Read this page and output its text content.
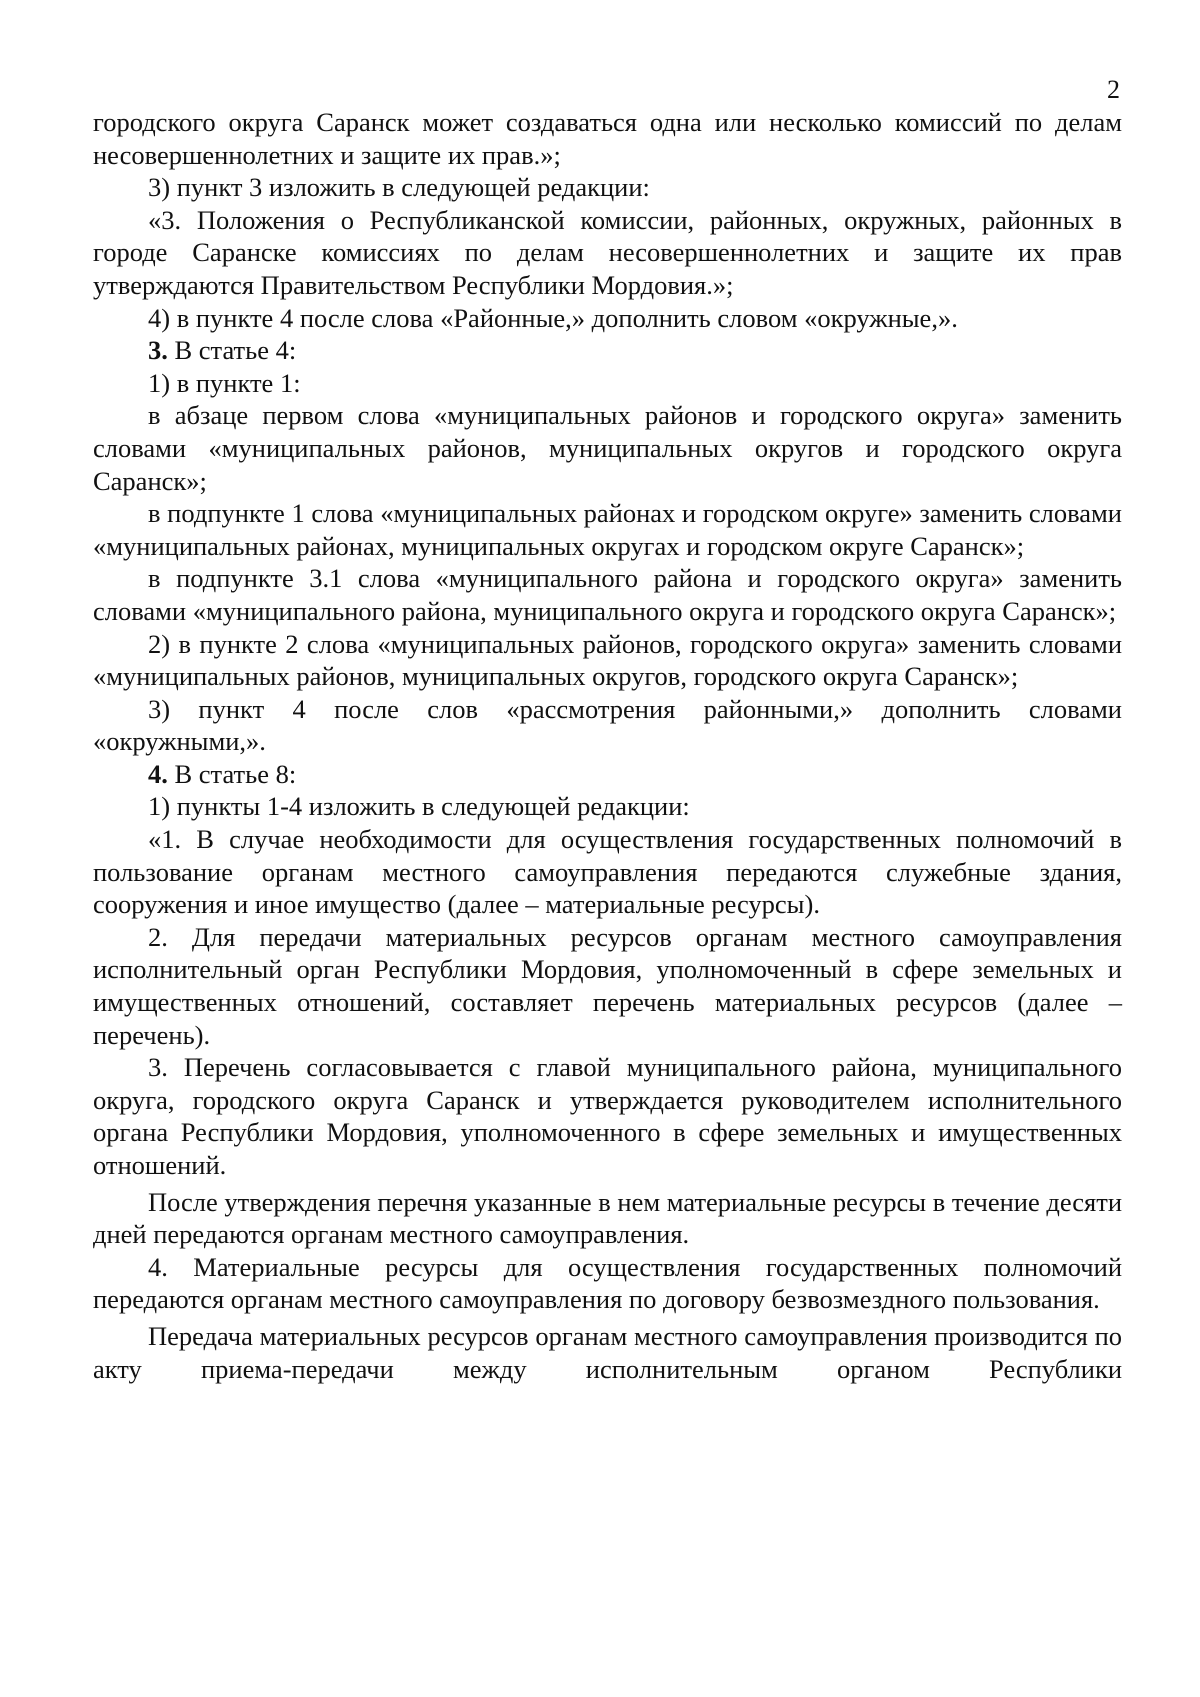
2

городского округа Саранск может создаваться одна или несколько комиссий по делам несовершеннолетних и защите их прав.»;

3) пункт 3 изложить в следующей редакции:

«3. Положения о Республиканской комиссии, районных, окружных, районных в городе Саранске комиссиях по делам несовершеннолетних и защите их прав утверждаются Правительством Республики Мордовия.»;

4) в пункте 4 после слова «Районные,» дополнить словом «окружные,».

3. В статье 4:

1) в пункте 1:

в абзаце первом слова «муниципальных районов и городского округа» заменить словами «муниципальных районов, муниципальных округов и городского округа Саранск»;

в подпункте 1 слова «муниципальных районах и городском округе» заменить словами «муниципальных районах, муниципальных округах и городском округе Саранск»;

в подпункте 3.1 слова «муниципального района и городского округа» заменить словами «муниципального района, муниципального округа и городского округа Саранск»;

2) в пункте 2 слова «муниципальных районов, городского округа» заменить словами «муниципальных районов, муниципальных округов, городского округа Саранск»;

3) пункт 4 после слов «рассмотрения районными,» дополнить словами «окружными,».

4. В статье 8:

1) пункты 1-4 изложить в следующей редакции:

«1. В случае необходимости для осуществления государственных полномочий в пользование органам местного самоуправления передаются служебные здания, сооружения и иное имущество (далее – материальные ресурсы).

2. Для передачи материальных ресурсов органам местного самоуправления исполнительный орган Республики Мордовия, уполномоченный в сфере земельных и имущественных отношений, составляет перечень материальных ресурсов (далее – перечень).

3. Перечень согласовывается с главой муниципального района, муниципального округа, городского округа Саранск и утверждается руководителем исполнительного органа Республики Мордовия, уполномоченного в сфере земельных и имущественных отношений.

После утверждения перечня указанные в нем материальные ресурсы в течение десяти дней передаются органам местного самоуправления.

4. Материальные ресурсы для осуществления государственных полномочий передаются органам местного самоуправления по договору безвозмездного пользования.

Передача материальных ресурсов органам местного самоуправления производится по акту приема-передачи между исполнительным органом Республики
